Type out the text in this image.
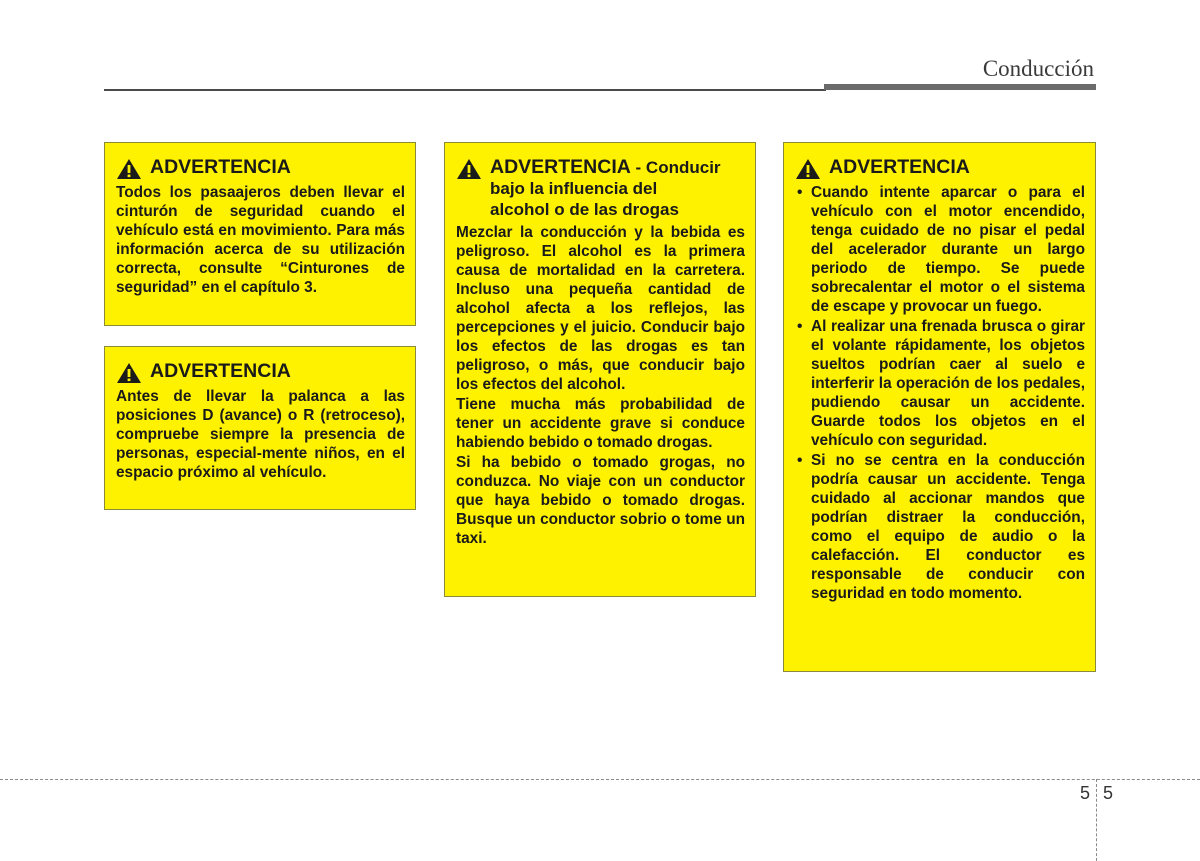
Conducción
ADVERTENCIA

Todos los pasaajeros deben llevar el cinturón de seguridad cuando el vehículo está en movimiento. Para más información acerca de su utilización correcta, consulte “Cinturones de seguridad” en el capítulo 3.

ADVERTENCIA

Antes de llevar la palanca a las posiciones D (avance) o R (retroceso), compruebe siempre la presencia de personas, especial-mente niños, en el espacio próximo al vehículo.

ADVERTENCIA - Conducir
bajo la influencia del
alcohol o de las drogas

Mezclar la conducción y la bebida es peligroso. El alcohol es la primera causa de mortalidad en la carretera. Incluso una pequeña cantidad de alcohol afecta a los reflejos, las percepciones y el juicio. Conducir bajo los efectos de las drogas es tan peligroso, o más, que conducir bajo los efectos del alcohol.

Tiene mucha más probabilidad de tener un accidente grave si conduce habiendo bebido o tomado drogas.

Si ha bebido o tomado grogas, no conduzca. No viaje con un conductor que haya bebido o tomado drogas. Busque un conductor sobrio o tome un taxi.

ADVERTENCIA
• Cuando intente aparcar o para el vehículo con el motor encendido, tenga cuidado de no pisar el pedal del acelerador durante un largo periodo de tiempo. Se puede sobrecalentar el motor o el sistema de escape y provocar un fuego.
• Al realizar una frenada brusca o girar el volante rápidamente, los objetos sueltos podrían caer al suelo e interferir la operación de los pedales, pudiendo causar un accidente. Guarde todos los objetos en el vehículo con seguridad.
• Si no se centra en la conducción podría causar un accidente. Tenga cuidado al accionar mandos que podrían distraer la conducción, como el equipo de audio o la calefacción. El conductor es responsable de conducir con seguridad en todo momento.
5 5
